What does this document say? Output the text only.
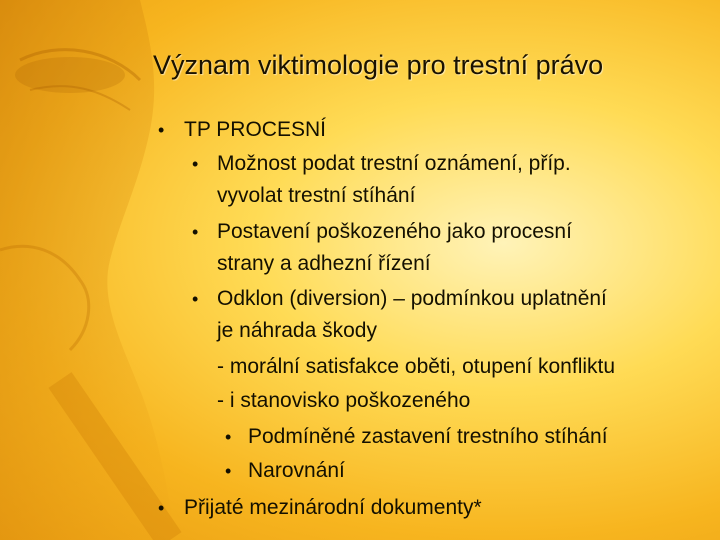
Význam viktimologie pro trestní právo
• TP PROCESNÍ
• Možnost podat trestní oznámení, příp.
vyvolat trestní stíhání
• Postavení poškozeného jako procesní
strany a adhezní řízení
• Odklon (diversion) – podmínkou uplatnění
je náhrada škody
- morální satisfakce oběti, otupení konfliktu
- i stanovisko poškozeného
• Podmíněné zastavení trestního stíhání
• Narovnání
• Přijaté mezinárodní dokumenty*
